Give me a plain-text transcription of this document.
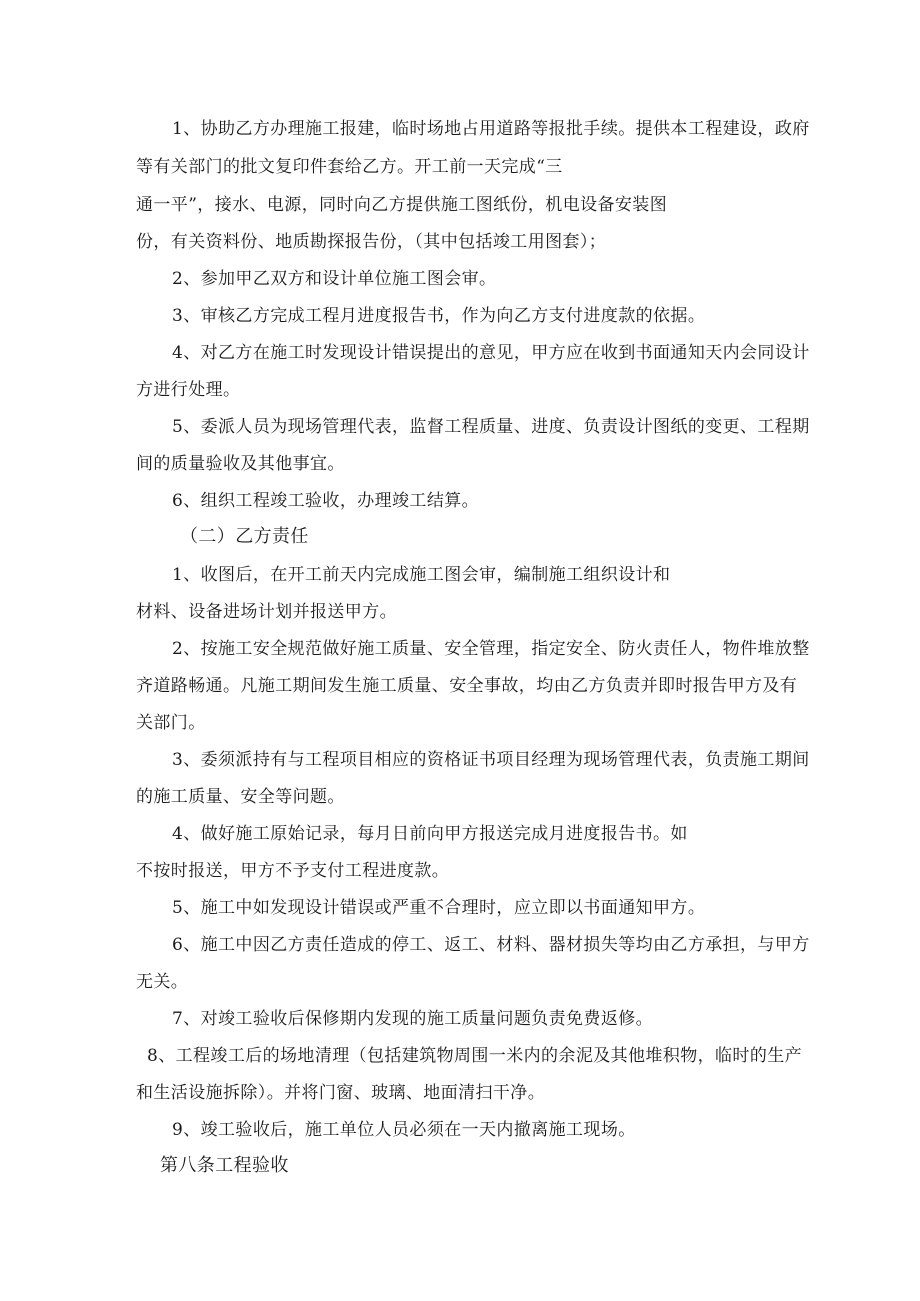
1、协助乙方办理施工报建，临时场地占用道路等报批手续。提供本工程建设，政府
等有关部门的批文复印件套给乙方。开工前一天完成“三
通一平”，接水、电源，同时向乙方提供施工图纸份，机电设备安装图
份，有关资料份、地质勘探报告份，（其中包括竣工用图套）；
2、参加甲乙双方和设计单位施工图会审。
3、审核乙方完成工程月进度报告书，作为向乙方支付进度款的依据。
4、对乙方在施工时发现设计错误提出的意见，甲方应在收到书面通知天内会同设计
方进行处理。
5、委派人员为现场管理代表，监督工程质量、进度、负责设计图纸的变更、工程期
间的质量验收及其他事宜。
6、组织工程竣工验收，办理竣工结算。
（二）乙方责任
1、收图后，在开工前天内完成施工图会审，编制施工组织设计和
材料、设备进场计划并报送甲方。
2、按施工安全规范做好施工质量、安全管理，指定安全、防火责任人，物件堆放整
齐道路畅通。凡施工期间发生施工质量、安全事故，均由乙方负责并即时报告甲方及有
关部门。
3、委须派持有与工程项目相应的资格证书项目经理为现场管理代表，负责施工期间
的施工质量、安全等问题。
4、做好施工原始记录，每月日前向甲方报送完成月进度报告书。如
不按时报送，甲方不予支付工程进度款。
5、施工中如发现设计错误或严重不合理时，应立即以书面通知甲方。
6、施工中因乙方责任造成的停工、返工、材料、器材损失等均由乙方承担，与甲方
无关。
7、对竣工验收后保修期内发现的施工质量问题负责免费返修。
8、工程竣工后的场地清理（包括建筑物周围一米内的余泥及其他堆积物，临时的生产
和生活设施拆除）。并将门窗、玻璃、地面清扫干净。
9、竣工验收后，施工单位人员必须在一天内撤离施工现场。
第八条工程验收
